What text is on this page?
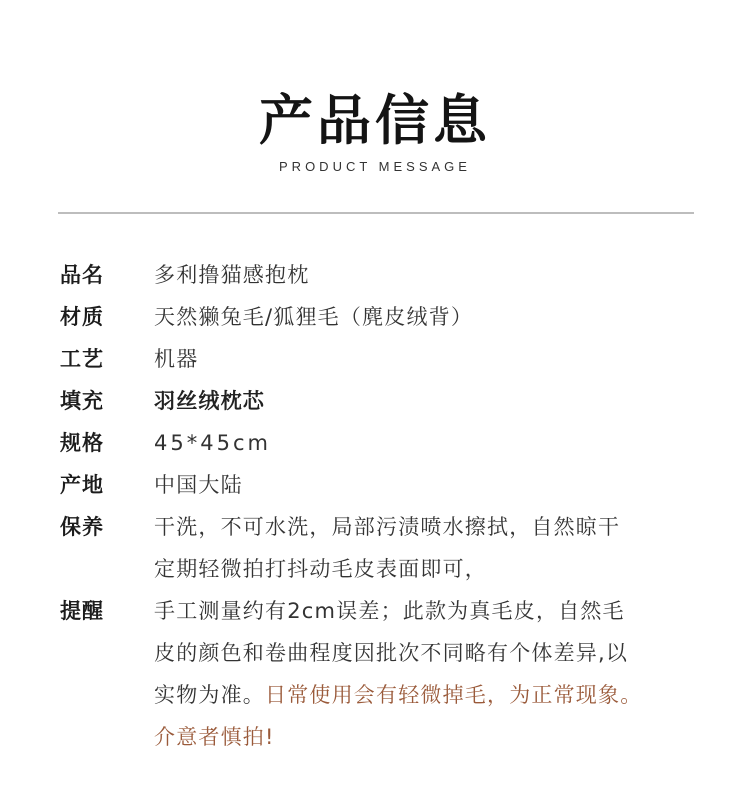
产品信息
PRODUCT MESSAGE
品名	多利撸猫感抱枕
材质	天然獭兔毛/狐狸毛（麂皮绒背）
工艺	机器
填充	羽丝绒枕芯
规格	45*45cm
产地	中国大陆
保养	干洗，不可水洗，局部污渍喷水擦拭，自然晾干
定期轻微拍打抖动毛皮表面即可，
提醒	手工测量约有2cm误差；此款为真毛皮，自然毛
皮的颜色和卷曲程度因批次不同略有个体差异,以
实物为准。日常使用会有轻微掉毛，为正常现象。
介意者慎拍!
